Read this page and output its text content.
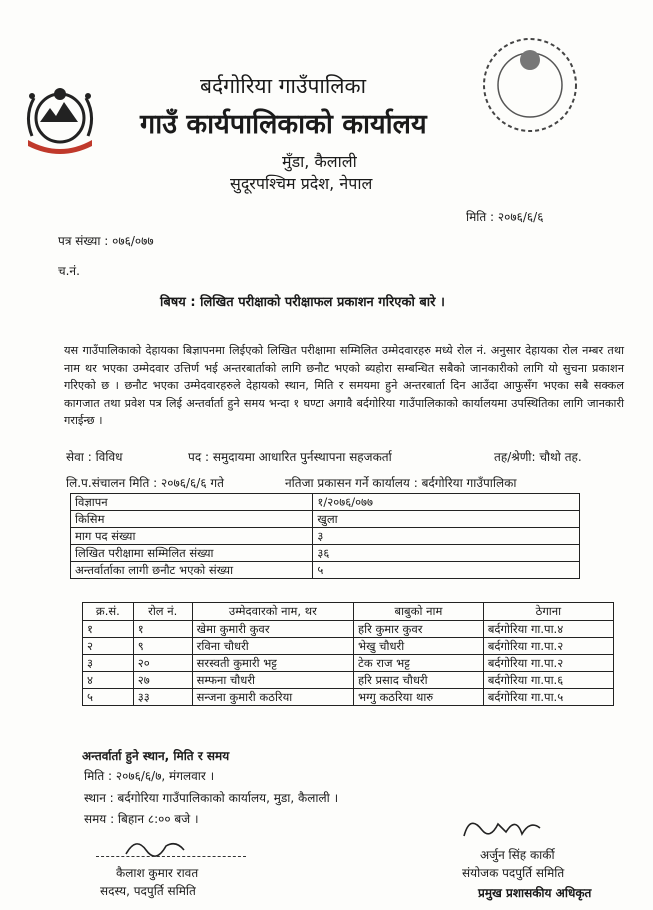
बर्दगोरिया गाउँपालिका
गाउँ कार्यपालिकाको कार्यालय
मुँडा, कैलाली
सुदूरपश्चिम प्रदेश, नेपाल
मिति : २०७६/६/६
पत्र संख्या : ०७६/०७७
च.नं.
बिषय : लिखित परीक्षाको परीक्षाफल प्रकाशन गरिएको बारे ।
यस गाउँपालिकाको देहायका बिज्ञापनमा लिईएको लिखित परीक्षामा सम्मिलित उम्मेदवारहरु मध्ये रोल नं. अनुसार देहायका रोल नम्बर तथा नाम थर भएका उम्मेदवार उत्तिर्ण भई अन्तरबार्ताको लागि छनौट भएको ब्यहोरा सम्बन्धित सबैको जानकारीको लागि यो सुचना प्रकाशन गरिएको छ । छनौट भएका उम्मेदवारहरुले देहायको स्थान, मिति र समयमा हुने अन्तरबार्ता दिन आउँदा आफुसँग भएका सबै सक्कल कागजात तथा प्रवेश पत्र लिई अन्तर्वार्ता हुने समय भन्दा १ घण्टा अगावै बर्दगोरिया गाउँपालिकाको कार्यालयमा उपस्थितिका लागि जानकारी गराईन्छ ।
सेवा : विविध	पद : समुदायमा आधारित पुर्नस्थापना सहजकर्ता	तह/श्रेणी: चौथो तह.
लि.प.संचालन मिति : २०७६/६/६ गते	नतिजा प्रकासन गर्ने कार्यालय : बर्दगोरिया गाउँपालिका
विज्ञापन	१/२०७६/०७७
किसिम	खुला
माग पद संख्या	३
लिखित परीक्षामा सम्मिलित संख्या	३६
अन्तर्वार्ताका लागी छनौट भएको संख्या	५
क्र.सं.	रोल नं.	उम्मेदवारको नाम, थर	बाबुको नाम	ठेगाना
१	१	खेमा कुमारी कुवर	हरि कुमार कुवर	बर्दगोरिया गा.पा.४
२	९	रविना चौधरी	भेखु चौधरी	बर्दगोरिया गा.पा.२
३	२०	सरस्वती कुमारी भट्ट	टेक राज भट्ट	बर्दगोरिया गा.पा.२
४	२७	सम्फना चौधरी	हरि प्रसाद चौधरी	बर्दगोरिया गा.पा.६
५	३३	सन्जना कुमारी कठरिया	भग्गु कठरिया थारु	बर्दगोरिया गा.पा.५
अन्तर्वार्ता हुने स्थान, मिति र समय
मिति : २०७६/६/७, मंगलवार ।
स्थान : बर्दगोरिया गाउँपालिकाको कार्यालय, मुडा, कैलाली ।
समय : बिहान ८:०० बजे ।
कैलाश कुमार रावत
सदस्य, पदपुर्ति समिति
अर्जुन सिंह कार्की
संयोजक पदपुर्ति समिति
प्रमुख प्रशासकीय अधिकृत
